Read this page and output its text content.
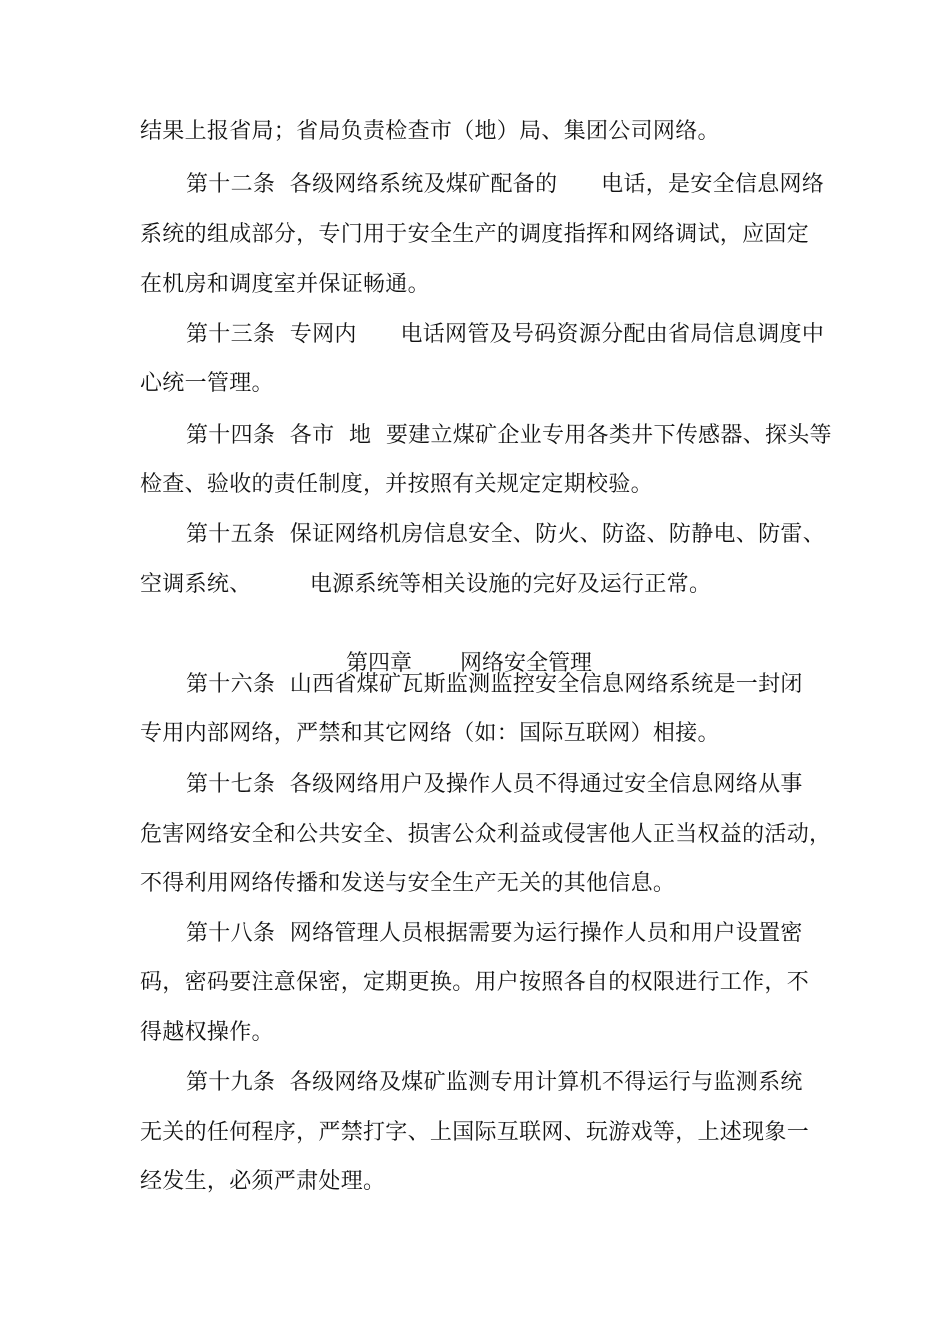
结果上报省局；省局负责检查市（地）局、集团公司网络。
第十二条  各级网络系统及煤矿配备的      电话，是安全信息网络
系统的组成部分，专门用于安全生产的调度指挥和网络调试，应固定
在机房和调度室并保证畅通。
第十三条  专网内      电话网管及号码资源分配由省局信息调度中
心统一管理。
第十四条  各市  地  要建立煤矿企业专用各类井下传感器、探头等
检查、验收的责任制度，并按照有关规定定期校验。
第十五条  保证网络机房信息安全、防火、防盗、防静电、防雷、
空调系统、        电源系统等相关设施的完好及运行正常。

第四章 网络安全管理

第十六条  山西省煤矿瓦斯监测监控安全信息网络系统是一封闭
专用内部网络，严禁和其它网络（如：国际互联网）相接。
第十七条  各级网络用户及操作人员不得通过安全信息网络从事
危害网络安全和公共安全、损害公众利益或侵害他人正当权益的活动，
不得利用网络传播和发送与安全生产无关的其他信息。
第十八条  网络管理人员根据需要为运行操作人员和用户设置密
码，密码要注意保密，定期更换。用户按照各自的权限进行工作，不
得越权操作。
第十九条  各级网络及煤矿监测专用计算机不得运行与监测系统
无关的任何程序，严禁打字、上国际互联网、玩游戏等，上述现象一
经发生，必须严肃处理。
